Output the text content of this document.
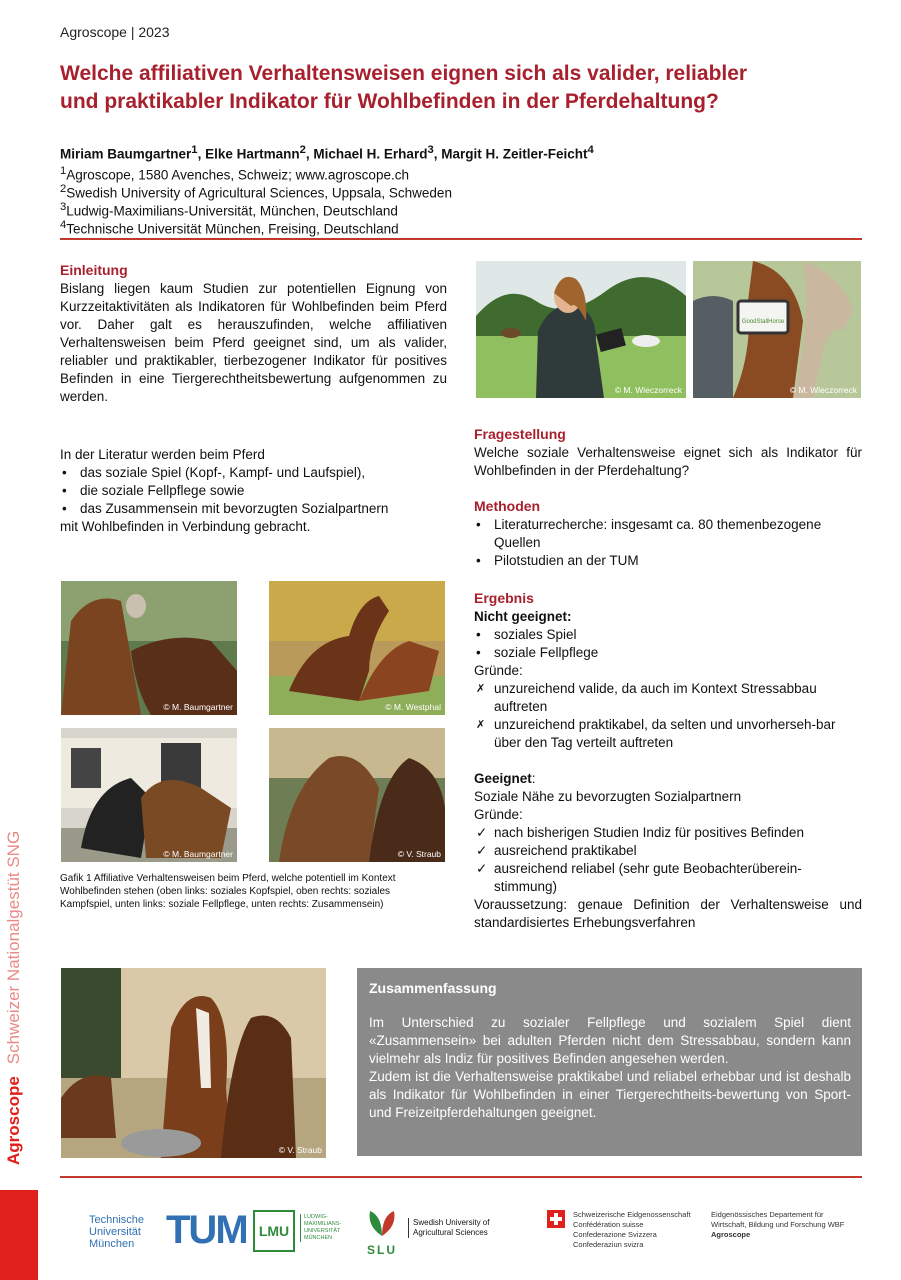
AgroscopeSchweizer Nationalgestüt SNG
Agroscope | 2023
Welche affiliativen Verhaltensweisen eignen sich als valider, reliabler
und praktikabler Indikator für Wohlbefinden in der Pferdehaltung?
Miriam Baumgartner$^1$, Elke Hartmann$^2$, Michael H. Erhard$^3$, Margit H. Zeitler-Feicht$^4$
$^1$Agroscope, 1580 Avenches, Schweiz; www.agroscope.ch
$^2$Swedish University of Agricultural Sciences, Uppsala, Schweden
$^3$Ludwig-Maximilians-Universität, München, Deutschland
$^4$Technische Universität München, Freising, Deutschland
Einleitung
Bislang liegen kaum Studien zur potentiellen Eignung von Kurzzeitaktivitäten als Indikatoren für Wohlbefinden beim Pferd vor. Daher galt es herauszufinden, welche affiliativen Verhaltensweisen beim Pferd geeignet sind, um als valider, reliabler und praktikabler, tierbezogener Indikator für positives Befinden in eine Tiergerechtheitsbewertung aufgenommen zu werden.
In der Literatur werden beim Pferd
• das soziale Spiel (Kopf-, Kampf- und Laufspiel),
• die soziale Fellpflege sowie
• das Zusammensein mit bevorzugten Sozialpartnern
mit Wohlbefinden in Verbindung gebracht.
© M. Wieczorreck
GoodStallHorse
© M. Wieczorreck
Fragestellung
Welche soziale Verhaltensweise eignet sich als Indikator für Wohlbefinden in der Pferdehaltung?
Methoden
• Literaturrecherche: insgesamt ca. 80 themenbezogene Quellen
• Pilotstudien an der TUM
Ergebnis
Nicht geeignet:
• soziales Spiel
• soziale Fellpflege
Gründe:
✗ unzureichend valide, da auch im Kontext Stressabbau auftreten
✗ unzureichend praktikabel, da selten und unvorherseh-bar über den Tag verteilt auftreten
Geeignet:
Soziale Nähe zu bevorzugten Sozialpartnern
Gründe:
✓ nach bisherigen Studien Indiz für positives Befinden
✓ ausreichend praktikabel
✓ ausreichend reliabel (sehr gute Beobachterüberein-stimmung)
Voraussetzung: genaue Definition der Verhaltensweise und standardisiertes Erhebungsverfahren
© M. Baumgartner	© M. Westphal
© M. Baumgartner	© V. Straub
Gafik 1 Affiliative Verhaltensweisen beim Pferd, welche potentiell im Kontext Wohlbefinden stehen (oben links: soziales Kopfspiel, oben rechts: soziales Kampfspiel, unten links: soziale Fellpflege, unten rechts: Zusammensein)
© V. Straub
Zusammenfassung
Im Unterschied zu sozialer Fellpflege und sozialem Spiel dient «Zusammensein» bei adulten Pferden nicht dem Stressabbau, sondern kann vielmehr als Indiz für positives Befinden angesehen werden.
Zudem ist die Verhaltensweise praktikabel und reliabel erhebbar und ist deshalb als Indikator für Wohlbefinden in einer Tiergerechtheits-bewertung von Sport- und Freizeitpferdehaltungen geeignet.
Technische
Universität
München TUM LMU
LUDWIG-
MAXIMILIANS-
UNIVERSITÄT
MÜNCHEN
SLU
Swedish University of
Agricultural Sciences
Schweizerische Eidgenossenschaft
Confédération suisse
Confederazione Svizzera
Confederaziun svizra
Eidgenössisches Departement für
Wirtschaft, Bildung und Forschung WBF
Agroscope
